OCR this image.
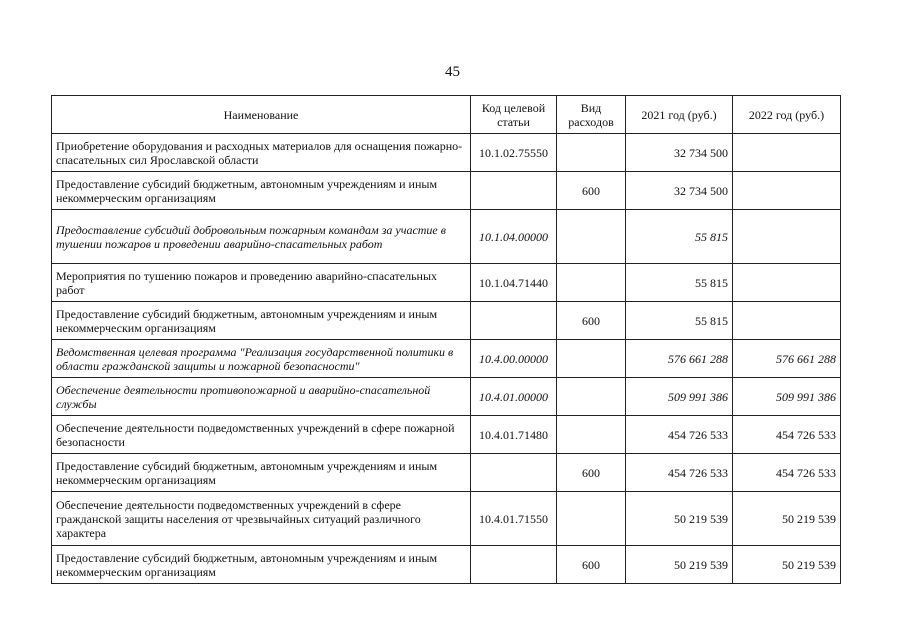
45
Наименование	Код целевой статьи	Вид расходов	2021 год (руб.)	2022 год (руб.)
Приобретение оборудования и расходных материалов для оснащения пожарно-спасательных сил Ярославской области	10.1.02.75550		32 734 500	
Предоставление субсидий бюджетным, автономным учреждениям и иным некоммерческим организациям		600	32 734 500	
Предоставление субсидий добровольным пожарным командам за участие в тушении пожаров и проведении аварийно-спасательных работ	10.1.04.00000		55 815	
Мероприятия по тушению пожаров и проведению аварийно-спасательных работ	10.1.04.71440		55 815	
Предоставление субсидий бюджетным, автономным учреждениям и иным некоммерческим организациям		600	55 815	
Ведомственная целевая программа "Реализация государственной политики в области гражданской защиты и пожарной безопасности"	10.4.00.00000		576 661 288	576 661 288
Обеспечение деятельности противопожарной и аварийно-спасательной службы	10.4.01.00000		509 991 386	509 991 386
Обеспечение деятельности подведомственных учреждений в сфере пожарной безопасности	10.4.01.71480		454 726 533	454 726 533
Предоставление субсидий бюджетным, автономным учреждениям и иным некоммерческим организациям		600	454 726 533	454 726 533
Обеспечение деятельности подведомственных учреждений в сфере гражданской защиты населения от чрезвычайных ситуаций различного характера	10.4.01.71550		50 219 539	50 219 539
Предоставление субсидий бюджетным, автономным учреждениям и иным некоммерческим организациям		600	50 219 539	50 219 539
